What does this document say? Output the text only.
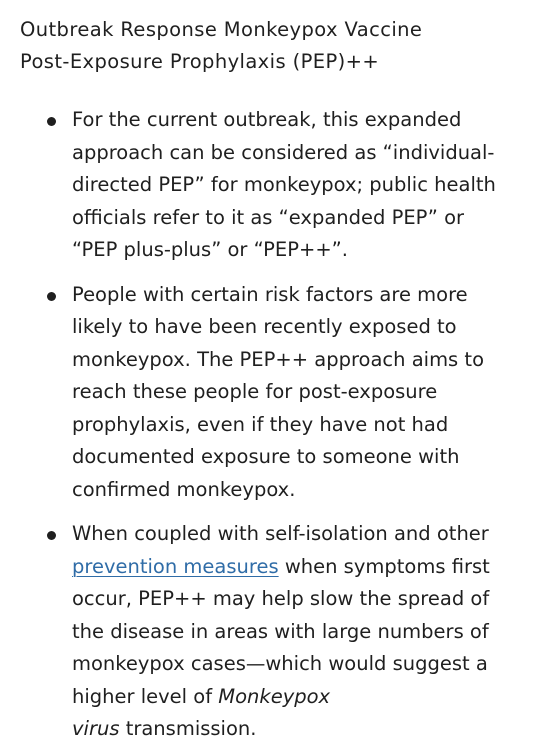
Outbreak Response Monkeypox Vaccine
Post-Exposure Prophylaxis (PEP)++
For the current outbreak, this expanded
approach can be considered as “individual-
directed PEP” for monkeypox; public health
officials refer to it as “expanded PEP” or
“PEP plus-plus” or “PEP++”.
People with certain risk factors are more
likely to have been recently exposed to
monkeypox. The PEP++ approach aims to
reach these people for post-exposure
prophylaxis, even if they have not had
documented exposure to someone with
confirmed monkeypox.
When coupled with self-isolation and other
prevention measures when symptoms first
occur, PEP++ may help slow the spread of
the disease in areas with large numbers of
monkeypox cases—which would suggest a
higher level of Monkeypox
virus transmission.
